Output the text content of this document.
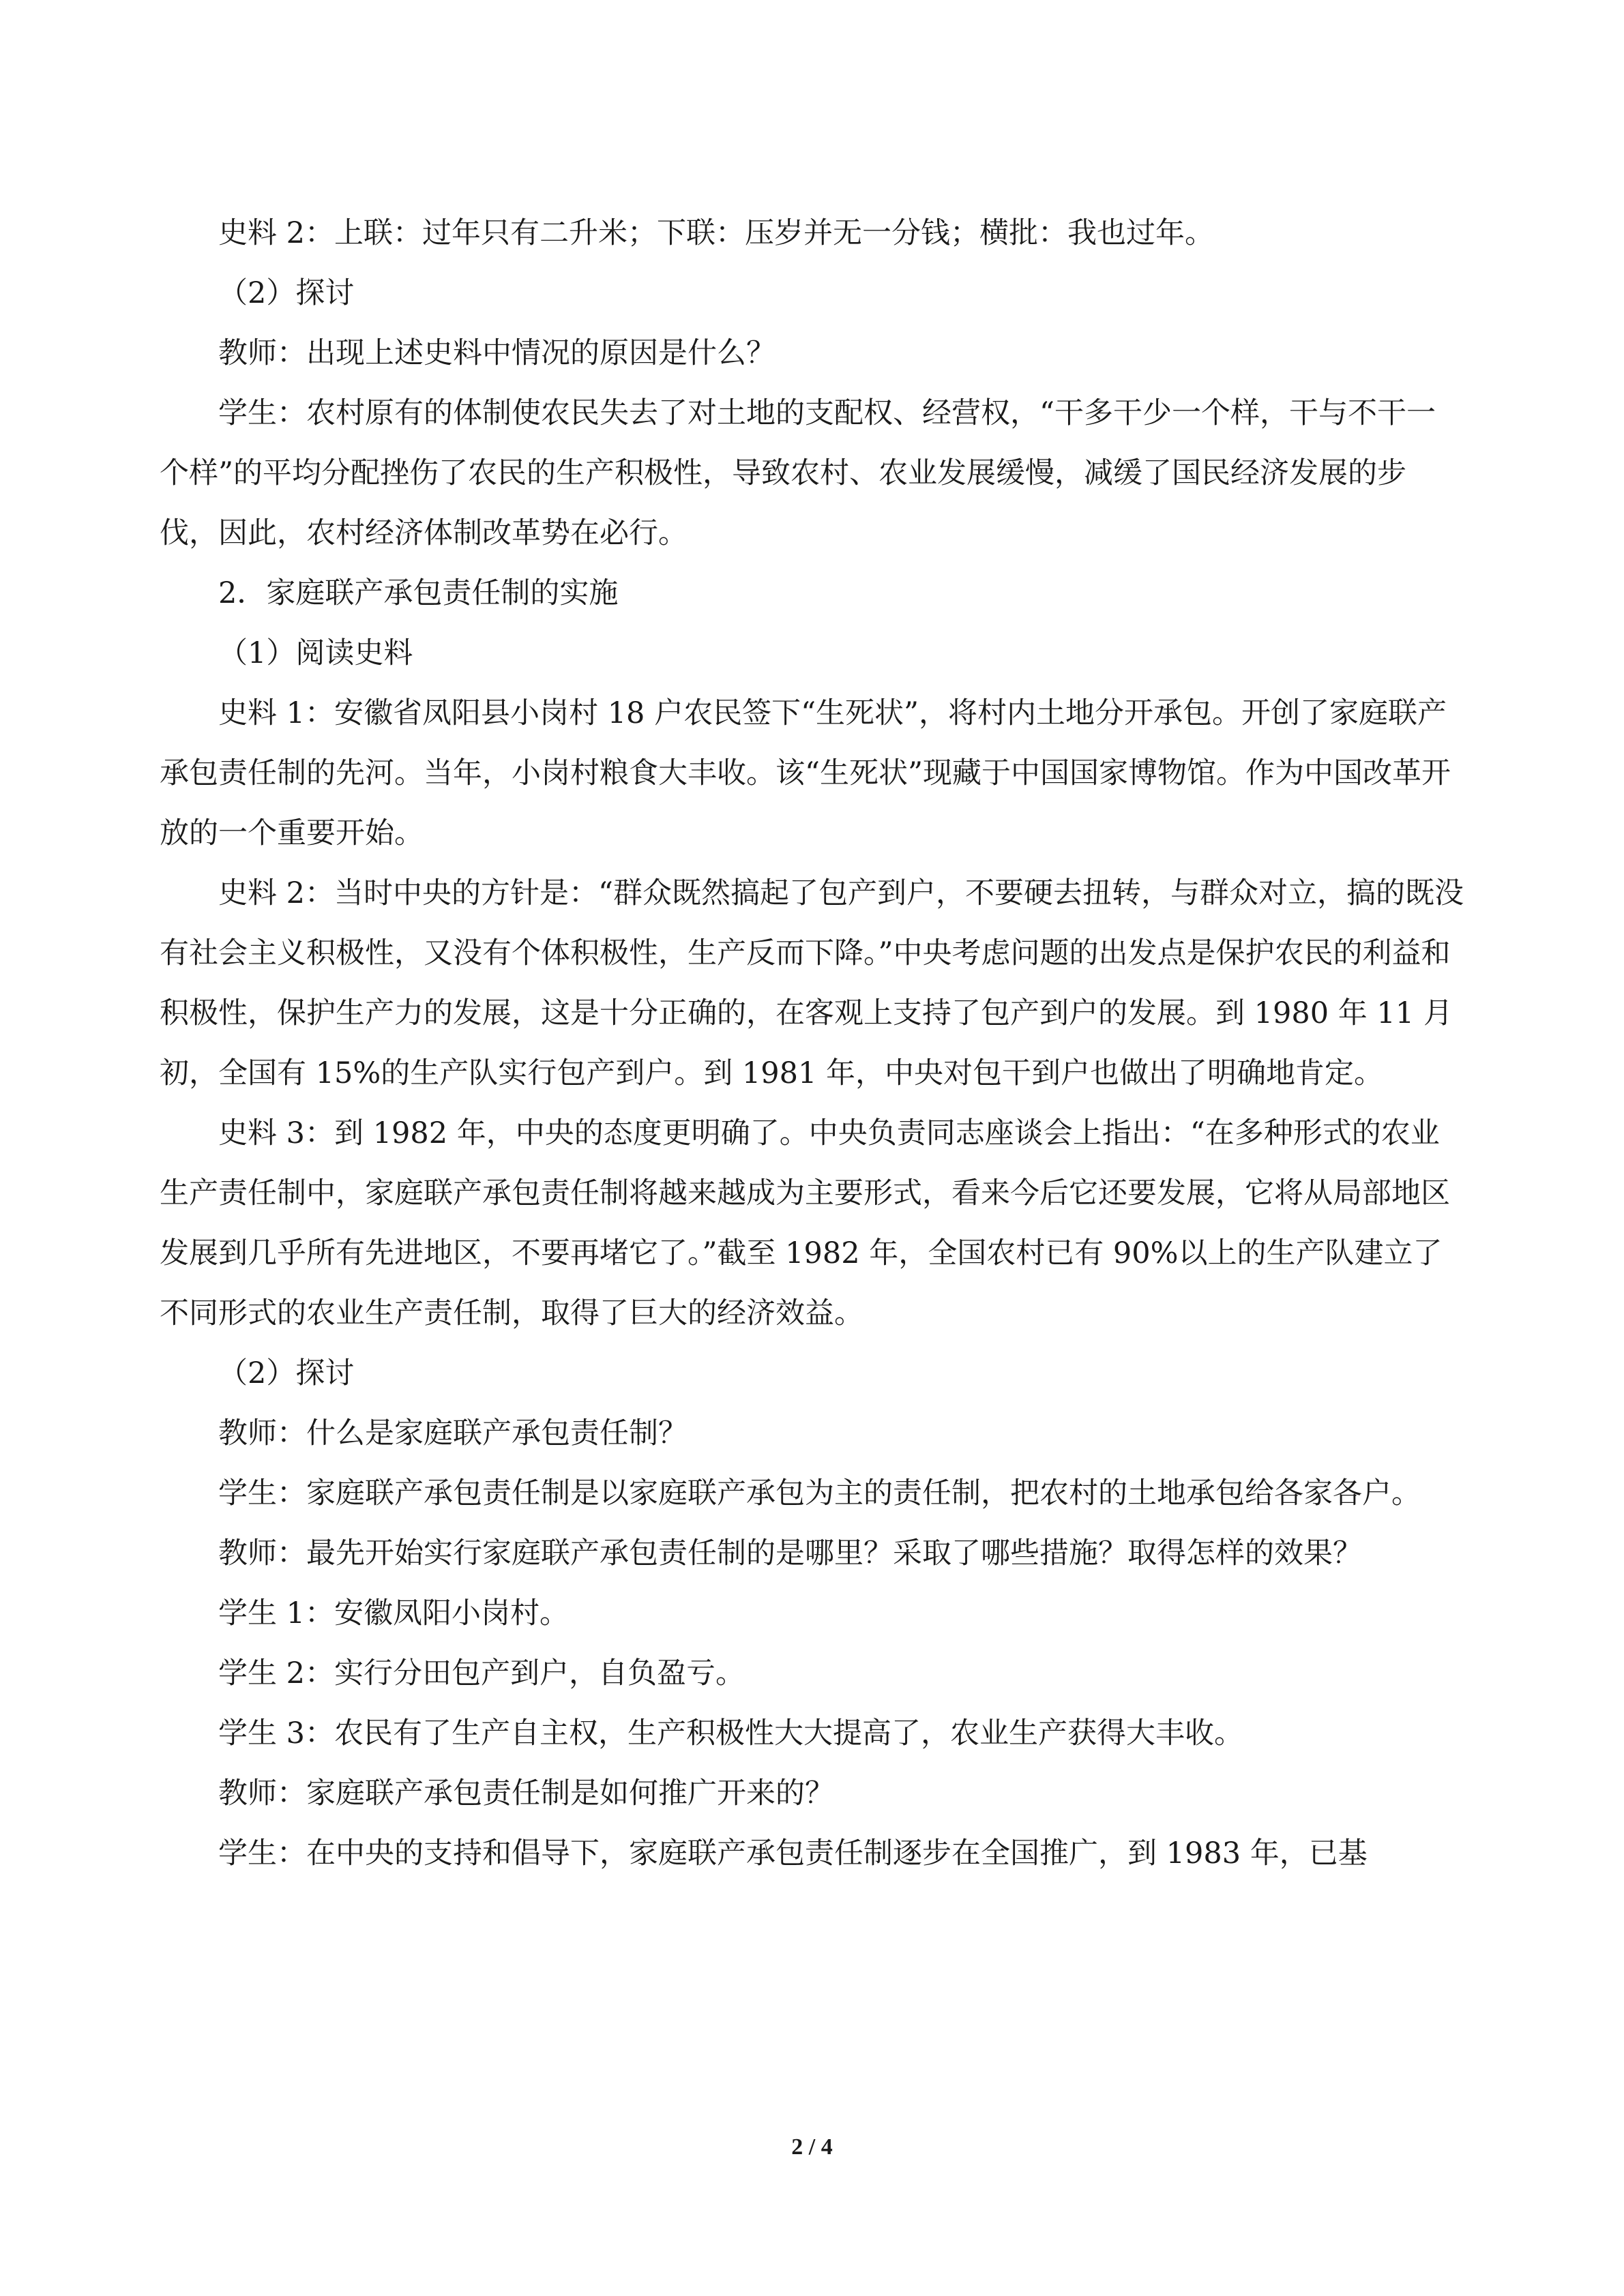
史料 2：上联：过年只有二升米；下联：压岁并无一分钱；横批：我也过年。

（2）探讨

教师：出现上述史料中情况的原因是什么？

学生：农村原有的体制使农民失去了对土地的支配权、经营权，“干多干少一个样，干与不干一个样”的平均分配挫伤了农民的生产积极性，导致农村、农业发展缓慢，减缓了国民经济发展的步伐，因此，农村经济体制改革势在必行。

2．家庭联产承包责任制的实施

（1）阅读史料

史料 1：安徽省凤阳县小岗村 18 户农民签下“生死状”，将村内土地分开承包。开创了家庭联产承包责任制的先河。当年，小岗村粮食大丰收。该“生死状”现藏于中国国家博物馆。作为中国改革开放的一个重要开始。

史料 2：当时中央的方针是：“群众既然搞起了包产到户，不要硬去扭转，与群众对立，搞的既没有社会主义积极性，又没有个体积极性，生产反而下降。”中央考虑问题的出发点是保护农民的利益和积极性，保护生产力的发展，这是十分正确的，在客观上支持了包产到户的发展。到 1980 年 11 月初，全国有 15%的生产队实行包产到户。到 1981 年，中央对包干到户也做出了明确地肯定。

史料 3：到 1982 年，中央的态度更明确了。中央负责同志座谈会上指出：“在多种形式的农业生产责任制中，家庭联产承包责任制将越来越成为主要形式，看来今后它还要发展，它将从局部地区发展到几乎所有先进地区，不要再堵它了。”截至 1982 年，全国农村已有 90%以上的生产队建立了不同形式的农业生产责任制，取得了巨大的经济效益。

（2）探讨

教师：什么是家庭联产承包责任制？

学生：家庭联产承包责任制是以家庭联产承包为主的责任制，把农村的土地承包给各家各户。

教师：最先开始实行家庭联产承包责任制的是哪里？采取了哪些措施？取得怎样的效果？

学生 1：安徽凤阳小岗村。

学生 2：实行分田包产到户，自负盈亏。

学生 3：农民有了生产自主权，生产积极性大大提高了，农业生产获得大丰收。

教师：家庭联产承包责任制是如何推广开来的？

学生：在中央的支持和倡导下，家庭联产承包责任制逐步在全国推广，到 1983 年，已基

2 / 4
